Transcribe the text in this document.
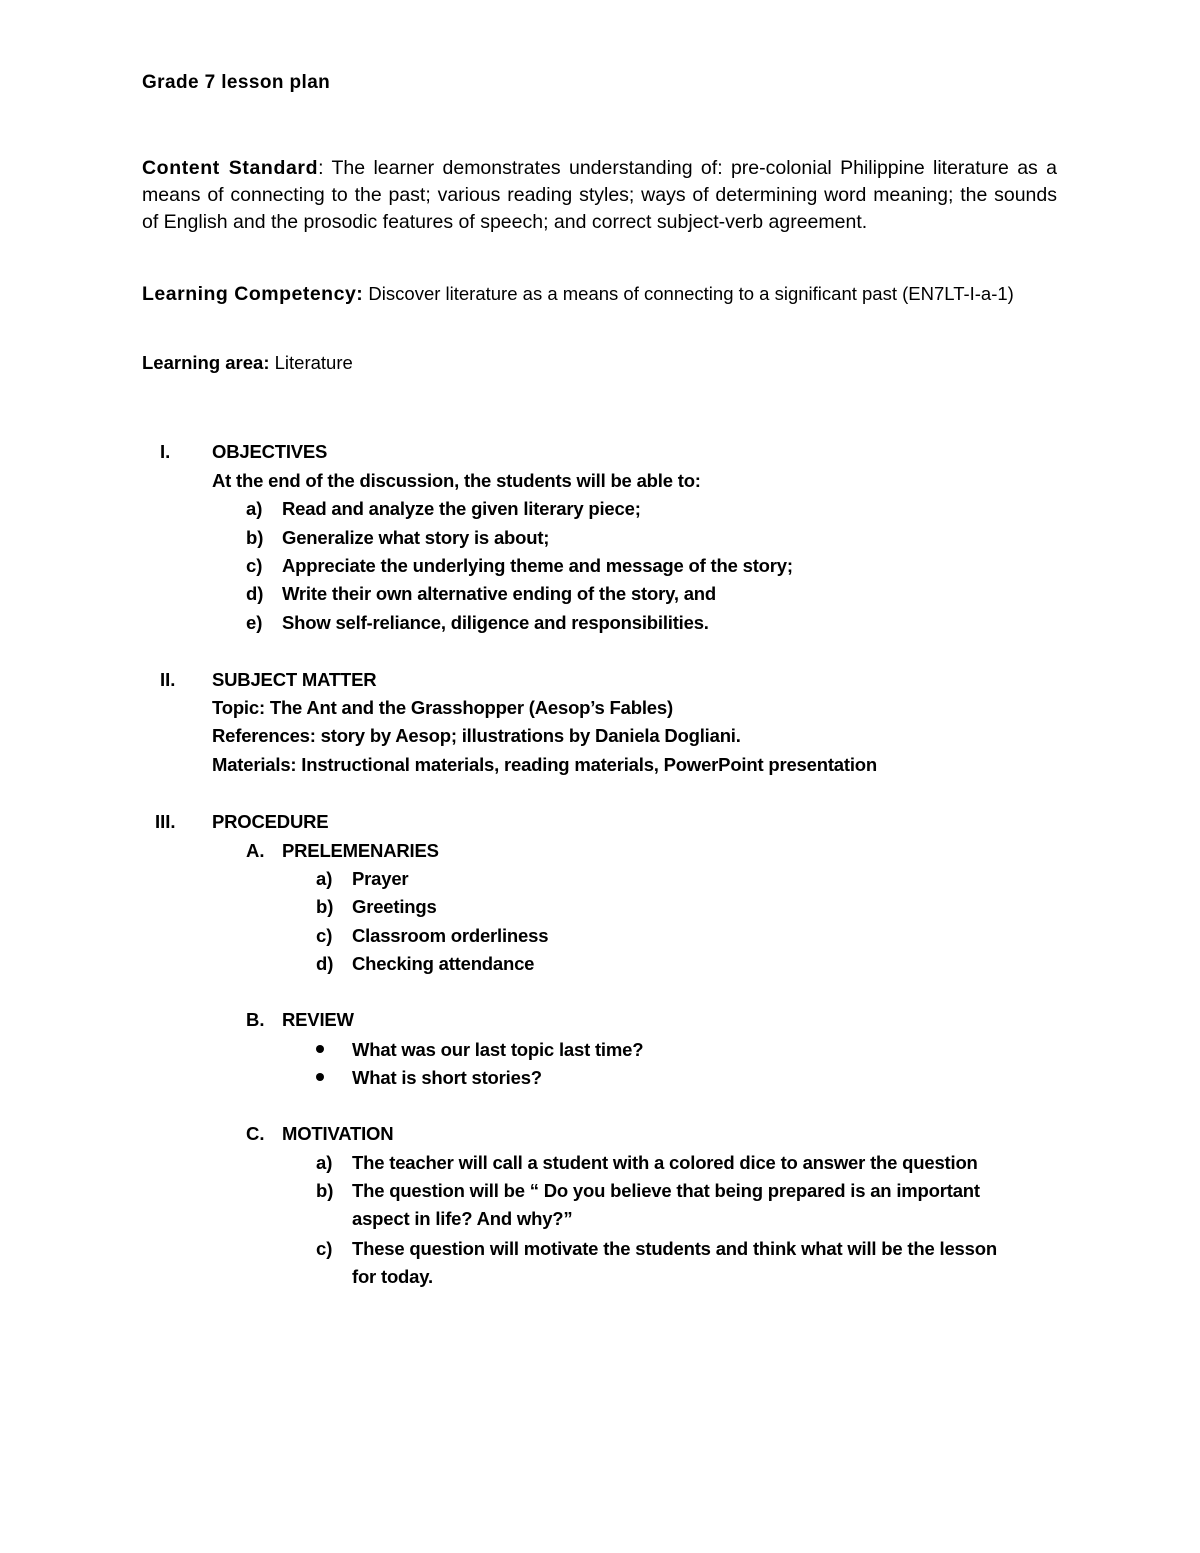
Grade 7 lesson plan

Content Standard: The learner demonstrates understanding of: pre-colonial Philippine literature as a means of connecting to the past; various reading styles; ways of determining word meaning; the sounds of English and the prosodic features of speech; and correct subject-verb agreement.

Learning Competency: Discover literature as a means of connecting to a significant past (EN7LT-I-a-1)

Learning area: Literature
I. OBJECTIVES
At the end of the discussion, the students will be able to:
a) Read and analyze the given literary piece;
b) Generalize what story is about;
c) Appreciate the underlying theme and message of the story;
d) Write their own alternative ending of the story, and
e) Show self-reliance, diligence and responsibilities.
II. SUBJECT MATTER
Topic: The Ant and the Grasshopper (Aesop’s Fables)
References: story by Aesop; illustrations by Daniela Dogliani.
Materials: Instructional materials, reading materials, PowerPoint presentation
III. PROCEDURE
A. PRELEMENARIES
a) Prayer
b) Greetings
c) Classroom orderliness
d) Checking attendance
B. REVIEW
What was our last topic last time?
What is short stories?
C. MOTIVATION
a) The teacher will call a student with a colored dice to answer the question
b) The question will be “ Do you believe that being prepared is an important
aspect in life? And why?”
c) These question will motivate the students and think what will be the lesson
for today.
